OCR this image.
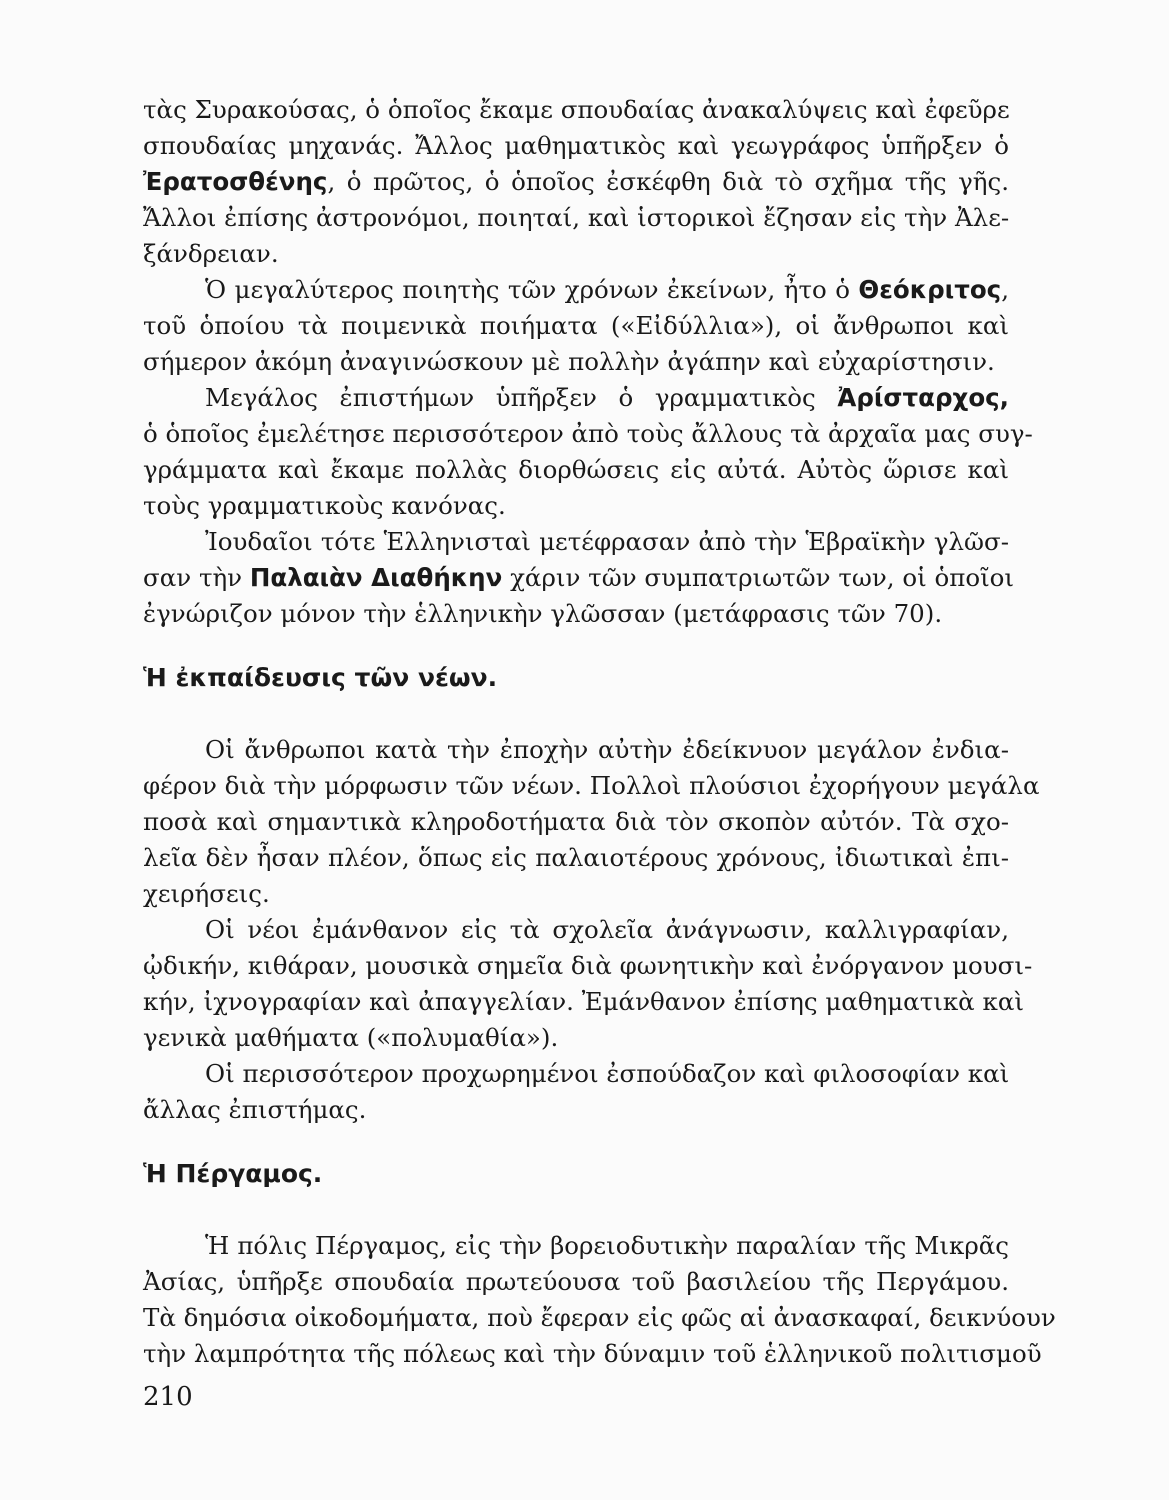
τὰς Συρακούσας, ὁ ὁποῖος ἔκαμε σπουδαίας ἀνακαλύψεις καὶ ἐφεῦρε
σπουδαίας μηχανάς. Ἄλλος μαθηματικὸς καὶ γεωγράφος ὑπῆρξεν ὁ
Ἐρατοσθένης, ὁ πρῶτος, ὁ ὁποῖος ἐσκέφθη διὰ τὸ σχῆμα τῆς γῆς.
Ἄλλοι ἐπίσης ἀστρονόμοι, ποιηταί, καὶ ἱστορικοὶ ἔζησαν εἰς τὴν Ἀλε-
ξάνδρειαν.
Ὁ μεγαλύτερος ποιητὴς τῶν χρόνων ἐκείνων, ἦτο ὁ Θεόκριτος,
τοῦ ὁποίου τὰ ποιμενικὰ ποιήματα («Εἰδύλλια»), οἱ ἄνθρωποι καὶ
σήμερον ἀκόμη ἀναγινώσκουν μὲ πολλὴν ἀγάπην καὶ εὐχαρίστησιν.
Μεγάλος ἐπιστήμων ὑπῆρξεν ὁ γραμματικὸς Ἀρίσταρχος,
ὁ ὁποῖος ἐμελέτησε περισσότερον ἀπὸ τοὺς ἄλλους τὰ ἀρχαῖα μας συγ-
γράμματα καὶ ἔκαμε πολλὰς διορθώσεις εἰς αὐτά. Αὐτὸς ὥρισε καὶ
τοὺς γραμματικοὺς κανόνας.
Ἰουδαῖοι τότε Ἑλληνισταὶ μετέφρασαν ἀπὸ τὴν Ἑβραϊκὴν γλῶσ-
σαν τὴν Παλαιὰν Διαθήκην χάριν τῶν συμπατριωτῶν των, οἱ ὁποῖοι
ἐγνώριζον μόνον τὴν ἑλληνικὴν γλῶσσαν (μετάφρασις τῶν 70).
Ἡ ἐκπαίδευσις τῶν νέων.
Οἱ ἄνθρωποι κατὰ τὴν ἐποχὴν αὐτὴν ἐδείκνυον μεγάλον ἐνδια-
φέρον διὰ τὴν μόρφωσιν τῶν νέων. Πολλοὶ πλούσιοι ἐχορήγουν μεγάλα
ποσὰ καὶ σημαντικὰ κληροδοτήματα διὰ τὸν σκοπὸν αὐτόν. Τὰ σχο-
λεῖα δὲν ἦσαν πλέον, ὅπως εἰς παλαιοτέρους χρόνους, ἰδιωτικαὶ ἐπι-
χειρήσεις.
Οἱ νέοι ἐμάνθανον εἰς τὰ σχολεῖα ἀνάγνωσιν, καλλιγραφίαν,
ᾠδικήν, κιθάραν, μουσικὰ σημεῖα διὰ φωνητικὴν καὶ ἐνόργανον μουσι-
κήν, ἰχνογραφίαν καὶ ἀπαγγελίαν. Ἐμάνθανον ἐπίσης μαθηματικὰ καὶ
γενικὰ μαθήματα («πολυμαθία»).
Οἱ περισσότερον προχωρημένοι ἐσπούδαζον καὶ φιλοσοφίαν καὶ
ἄλλας ἐπιστήμας.
Ἡ Πέργαμος.
Ἡ πόλις Πέργαμος, εἰς τὴν βορειοδυτικὴν παραλίαν τῆς Μικρᾶς
Ἀσίας, ὑπῆρξε σπουδαία πρωτεύουσα τοῦ βασιλείου τῆς Περγάμου.
Τὰ δημόσια οἰκοδομήματα, ποὺ ἔφεραν εἰς φῶς αἱ ἀνασκαφαί, δεικνύουν
τὴν λαμπρότητα τῆς πόλεως καὶ τὴν δύναμιν τοῦ ἑλληνικοῦ πολιτισμοῦ
210
